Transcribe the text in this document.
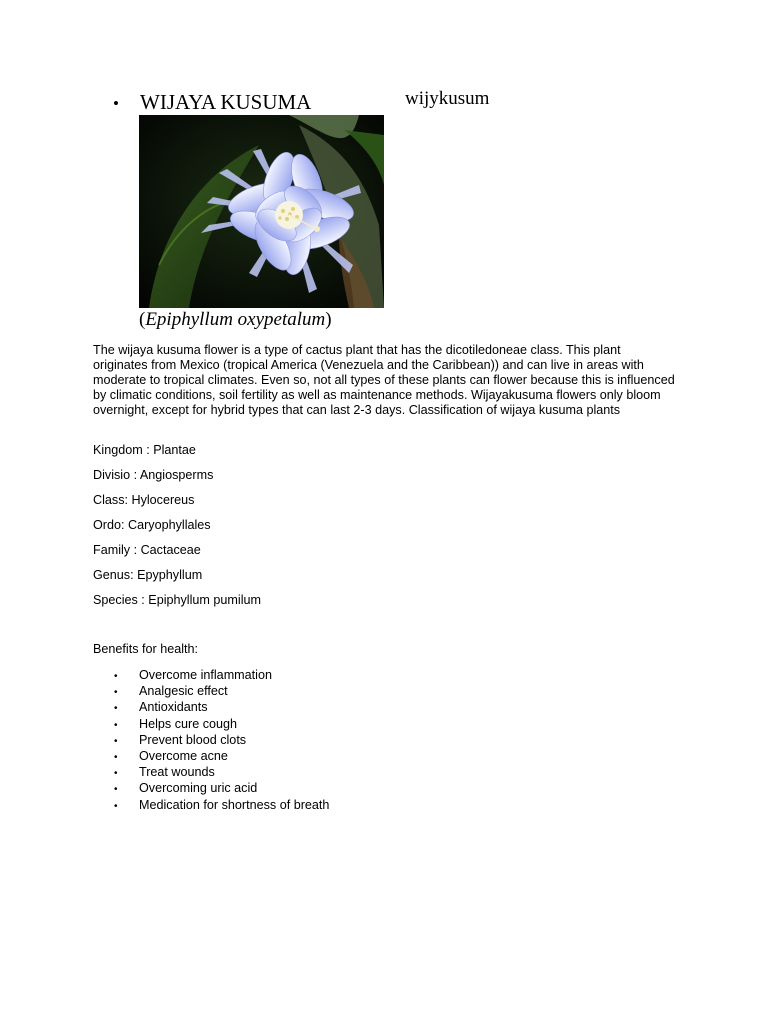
• WIJAYA KUSUMA	wijykusum
(Epiphyllum oxypetalum)

The wijaya kusuma flower is a type of cactus plant that has the dicotiledoneae class. This plant originates from Mexico (tropical America (Venezuela and the Caribbean)) and can live in areas with moderate to tropical climates. Even so, not all types of these plants can flower because this is influenced by climatic conditions, soil fertility as well as maintenance methods. Wijayakusuma flowers only bloom overnight, except for hybrid types that can last 2-3 days. Classification of wijaya kusuma plants

Kingdom : Plantae
Divisio : Angiosperms
Class: Hylocereus
Ordo: Caryophyllales
Family : Cactaceae
Genus: Epyphyllum
Species : Epiphyllum pumilum
Benefits for health:
• Overcome inflammation
• Analgesic effect
• Antioxidants
• Helps cure cough
• Prevent blood clots
• Overcome acne
• Treat wounds
• Overcoming uric acid
• Medication for shortness of breath
